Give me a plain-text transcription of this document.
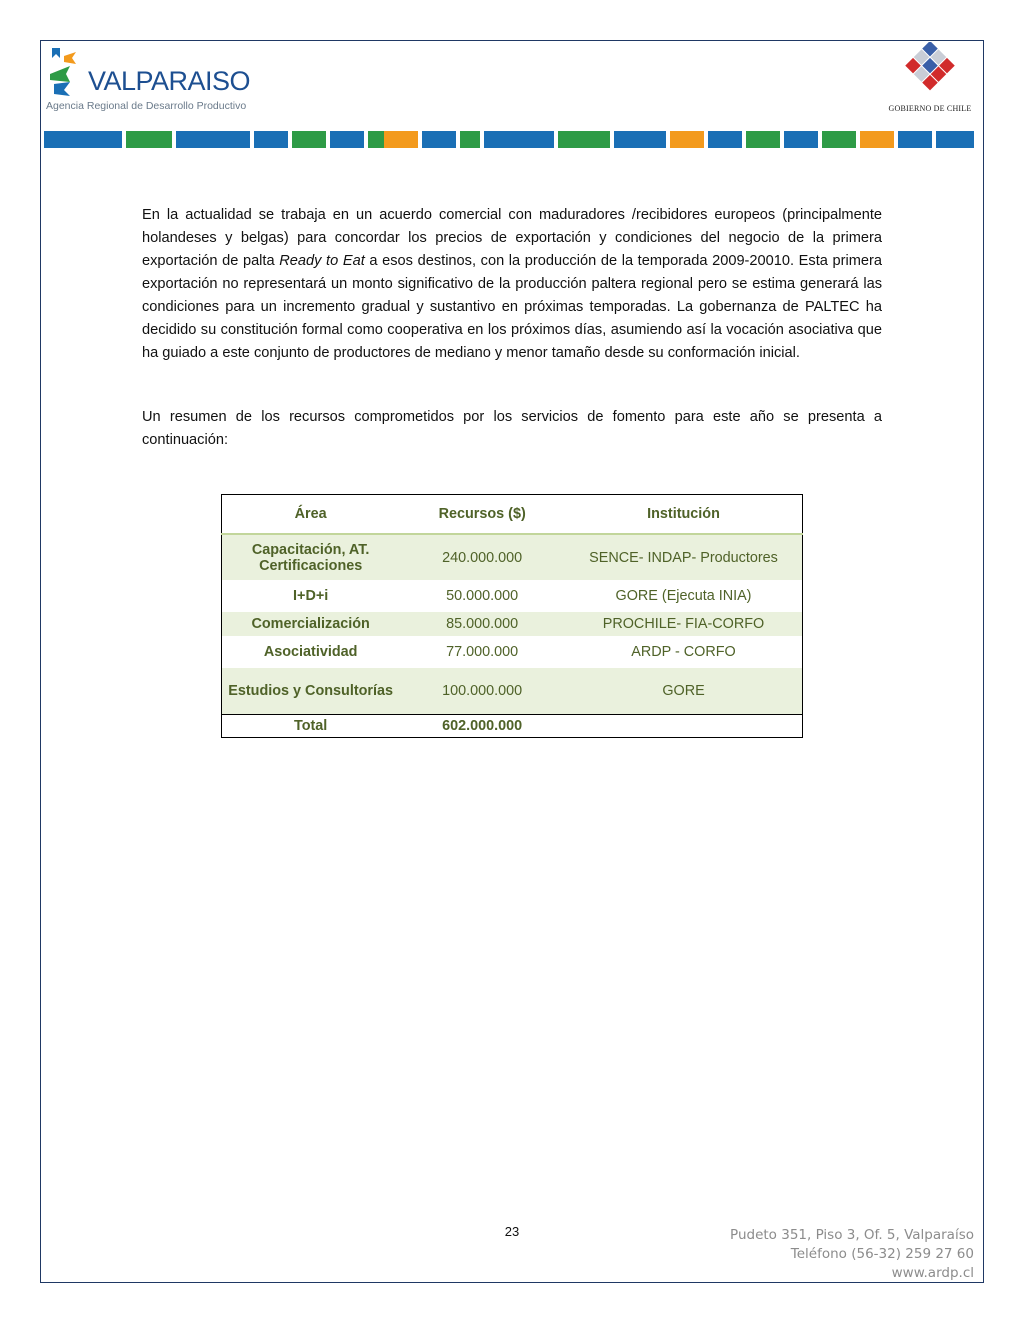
VALPARAISO
Agencia Regional de Desarrollo Productivo	GOBIERNO DE CHILE
En la actualidad se trabaja en un acuerdo comercial con maduradores /recibidores europeos (principalmente holandeses y belgas) para concordar los precios de exportación y condiciones del negocio de la primera exportación de palta Ready to Eat a esos destinos, con la producción de la temporada 2009-20010. Esta primera exportación no representará un monto significativo de la producción paltera regional pero se estima generará las condiciones para un incremento gradual y sustantivo en próximas temporadas. La gobernanza de PALTEC ha decidido su constitución formal como cooperativa en los próximos días, asumiendo así la vocación asociativa que ha guiado a este conjunto de productores de mediano y menor tamaño desde su conformación inicial.
Un resumen de los recursos comprometidos por los servicios de fomento para este año se presenta a continuación:
Área	Recursos ($)	Institución
Capacitación, AT. Certificaciones	240.000.000	SENCE- INDAP- Productores
I+D+i	50.000.000	GORE (Ejecuta INIA)
Comercialización	85.000.000	PROCHILE- FIA-CORFO
Asociatividad	77.000.000	ARDP - CORFO
Estudios y Consultorías	100.000.000	GORE
Total	602.000.000	
23	Pudeto 351, Piso 3, Of. 5, Valparaíso
Teléfono (56-32) 259 27 60
www.ardp.cl
